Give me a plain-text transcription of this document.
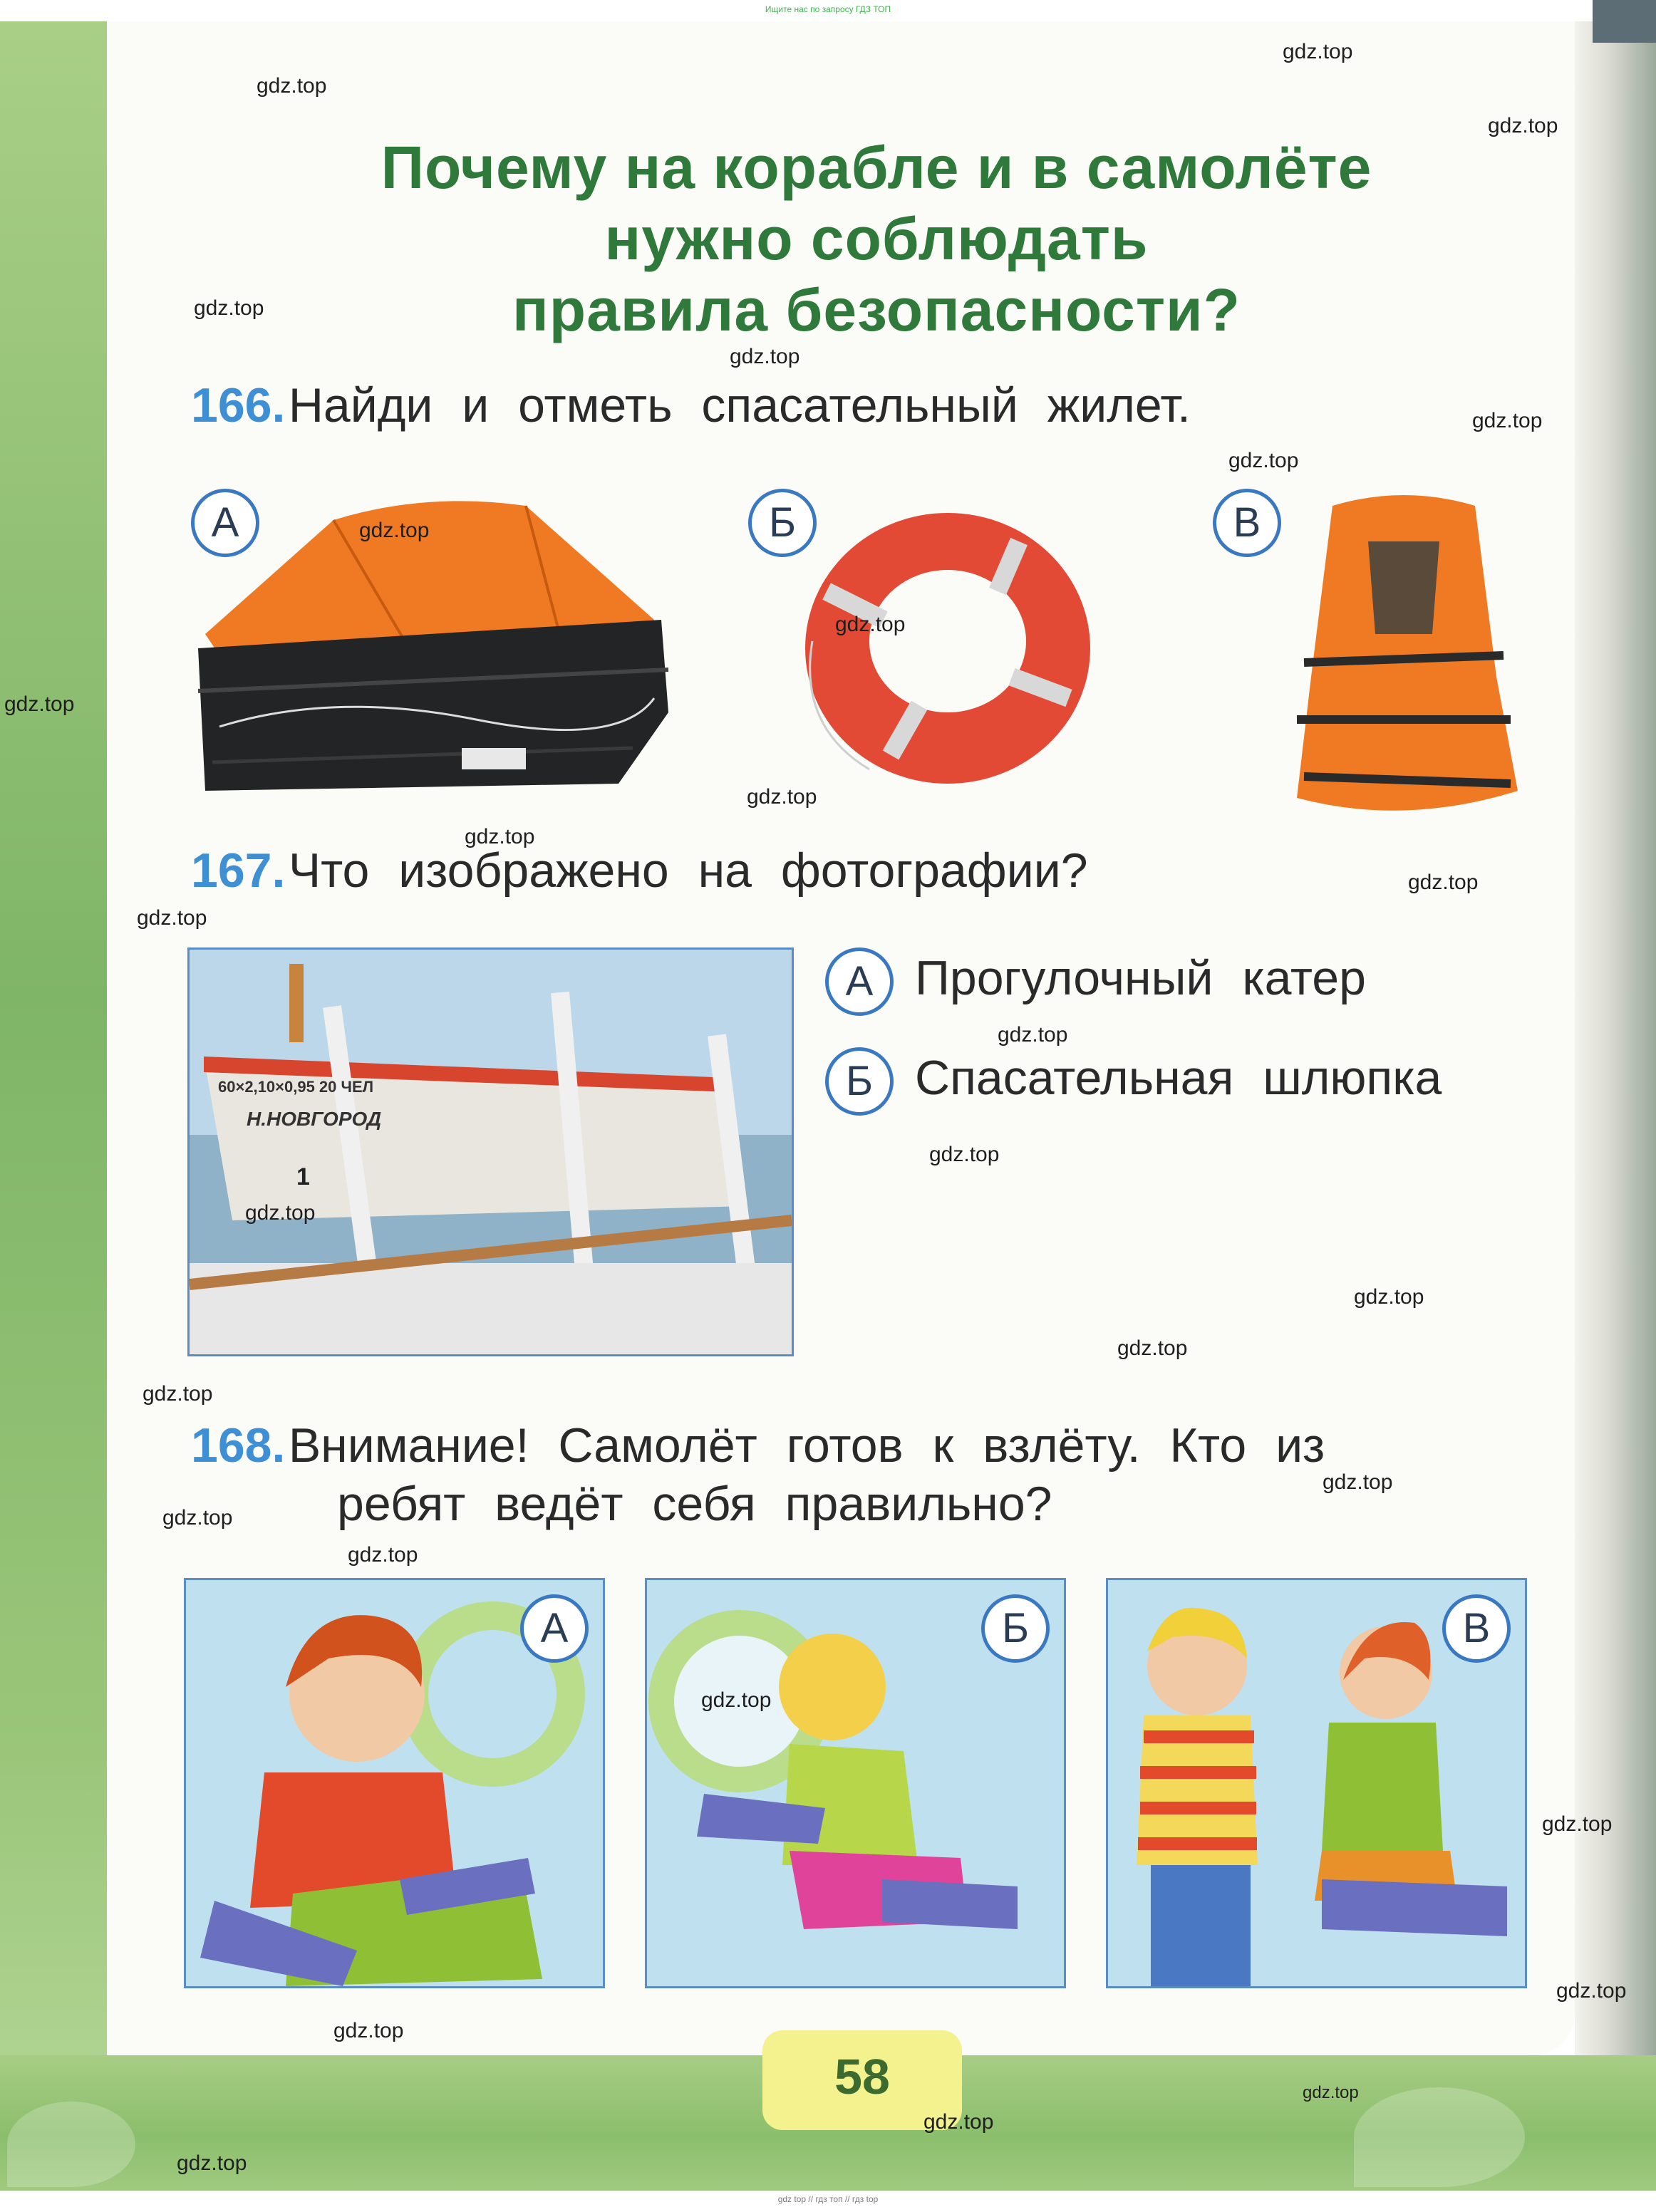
Ищите нас по запросу ГДЗ ТОП
Почему на корабле и в самолёте
нужно соблюдать
правила безопасности?
166. Найди и отметь спасательный жилет.
А	Б	В
167. Что изображено на фотографии?
60×2,10×0,95 20 ЧЕЛ
Н.НОВГОРОД
1
А Прогулочный катер
Б Спасательная шлюпка
168. Внимание! Самолёт готов к взлёту. Кто из
ребят ведёт себя правильно?
А	Б	В
58
gdz.top
gdz.top
gdz.top
gdz.top
gdz.top
gdz.top
gdz.top
gdz.top
gdz.top
gdz.top
gdz.top
gdz.top
gdz.top
gdz.top
gdz.top
gdz.top
gdz.top
gdz.top
gdz.top
gdz.top
gdz.top
gdz.top
gdz.top
gdz.top
gdz.top
gdz.top
gdz.top
gdz.top
gdz.top
gdz.top
gdz top // гдз топ // гдз top
